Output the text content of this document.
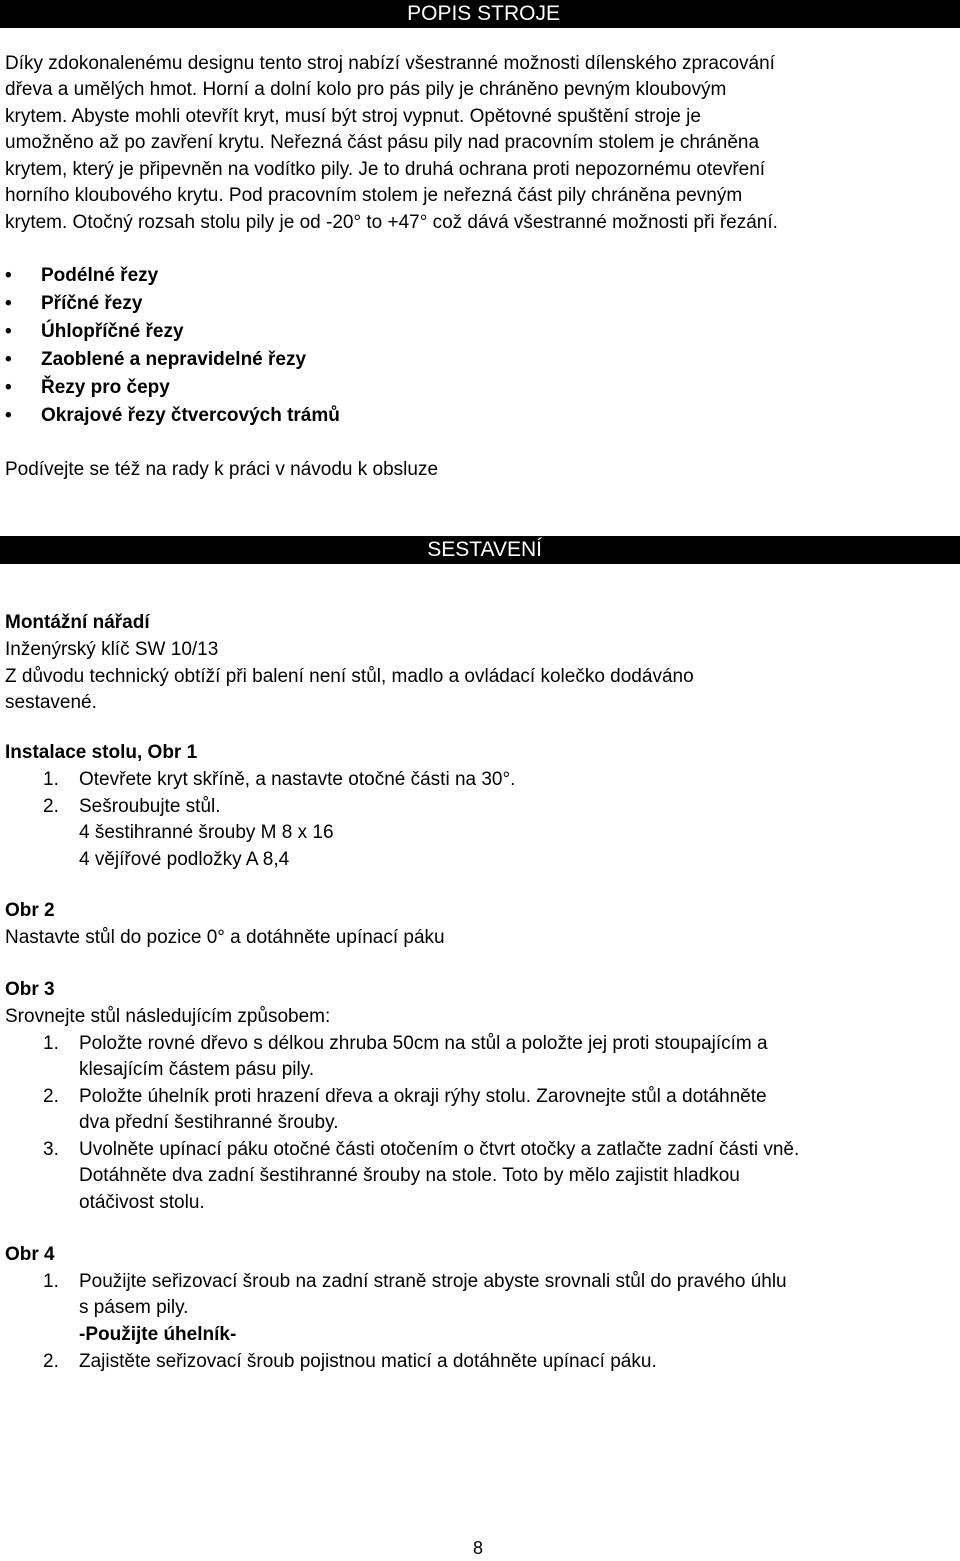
POPIS STROJE
Díky zdokonalenému designu tento stroj nabízí všestranné možnosti dílenského zpracování
dřeva a umělých hmot. Horní a dolní kolo pro pás pily je chráněno pevným kloubovým
krytem. Abyste mohli otevřít kryt, musí být stroj vypnut. Opětovné spuštění stroje je
umožněno až po zavření krytu. Neřezná část pásu pily nad pracovním stolem je chráněna
krytem, který je připevněn na vodítko pily. Je to druhá ochrana proti nepozornému otevření
horního kloubového krytu. Pod pracovním stolem je neřezná část pily chráněna pevným
krytem. Otočný rozsah stolu pily je od -20° to +47° což dává všestranné možnosti při řezání.
• Podélné řezy
• Příčné řezy
• Úhlopříčné řezy
• Zaoblené a nepravidelné řezy
• Řezy pro čepy
• Okrajové řezy čtvercových trámů
Podívejte se též na rady k práci v návodu k obsluze
SESTAVENÍ
Montážní nářadí
Inženýrský klíč SW 10/13
Z důvodu technický obtíží při balení není stůl, madlo a ovládací kolečko dodáváno
sestavené.
Instalace stolu, Obr 1
1. Otevřete kryt skříně, a nastavte otočné části na 30°.
2. Sešroubujte stůl.
4 šestihranné šrouby M 8 x 16
4 vějířové podložky A 8,4
Obr 2
Nastavte stůl do pozice 0° a dotáhněte upínací páku
Obr 3
Srovnejte stůl následujícím způsobem:
1. Položte rovné dřevo s délkou zhruba 50cm na stůl a položte jej proti stoupajícím a
klesajícím částem pásu pily.
2. Položte úhelník proti hrazení dřeva a okraji rýhy stolu. Zarovnejte stůl a dotáhněte
dva přední šestihranné šrouby.
3. Uvolněte upínací páku otočné části otočením o čtvrt otočky a zatlačte zadní části vně.
Dotáhněte dva zadní šestihranné šrouby na stole. Toto by mělo zajistit hladkou
otáčivost stolu.
Obr 4
1. Použijte seřizovací šroub na zadní straně stroje abyste srovnali stůl do pravého úhlu
s pásem pily.
-Použijte úhelník-
2. Zajistěte seřizovací šroub pojistnou maticí a dotáhněte upínací páku.
8
